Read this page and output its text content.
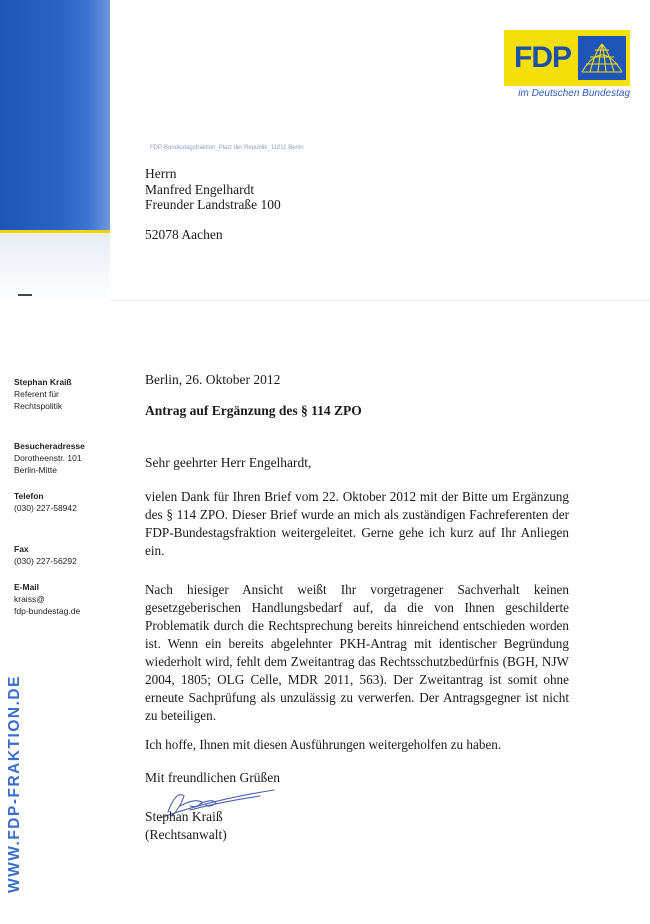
FDP
im Deutschen Bundestag
FDP-Bundestagsfraktion_Platz der Republik_11011 Berlin
Herrn
Manfred Engelhardt
Freunder Landstraße 100
52078 Aachen
Stephan Kraiß
Referent für
Rechtspolitik
Besucheradresse
Dorotheenstr. 101
Berlin-Mitte
Telefon
(030) 227-58942
Fax
(030) 227-56292
E-Mail
kraiss@
fdp-bundestag.de
WWW.FDP-FRAKTION.DE
Berlin, 26. Oktober 2012
Antrag auf Ergänzung des § 114 ZPO
Sehr geehrter Herr Engelhardt,
vielen Dank für Ihren Brief vom 22. Oktober 2012 mit der Bitte um Ergänzung des § 114 ZPO. Dieser Brief wurde an mich als zuständigen Fachreferenten der FDP-Bundestagsfraktion weitergeleitet. Gerne gehe ich kurz auf Ihr Anliegen ein.
Nach hiesiger Ansicht weißt Ihr vorgetragener Sachverhalt keinen gesetzgeberischen Handlungsbedarf auf, da die von Ihnen geschilderte Problematik durch die Rechtsprechung bereits hinreichend entschieden worden ist. Wenn ein bereits abgelehnter PKH-Antrag mit identischer Begründung wiederholt wird, fehlt dem Zweitantrag das Rechtsschutzbedürfnis (BGH, NJW 2004, 1805; OLG Celle, MDR 2011, 563). Der Zweitantrag ist somit ohne erneute Sachprüfung als unzulässig zu verwerfen. Der Antragsgegner ist nicht zu beteiligen.
Ich hoffe, Ihnen mit diesen Ausführungen weitergeholfen zu haben.
Mit freundlichen Grüßen
Stephan Kraiß
(Rechtsanwalt)
